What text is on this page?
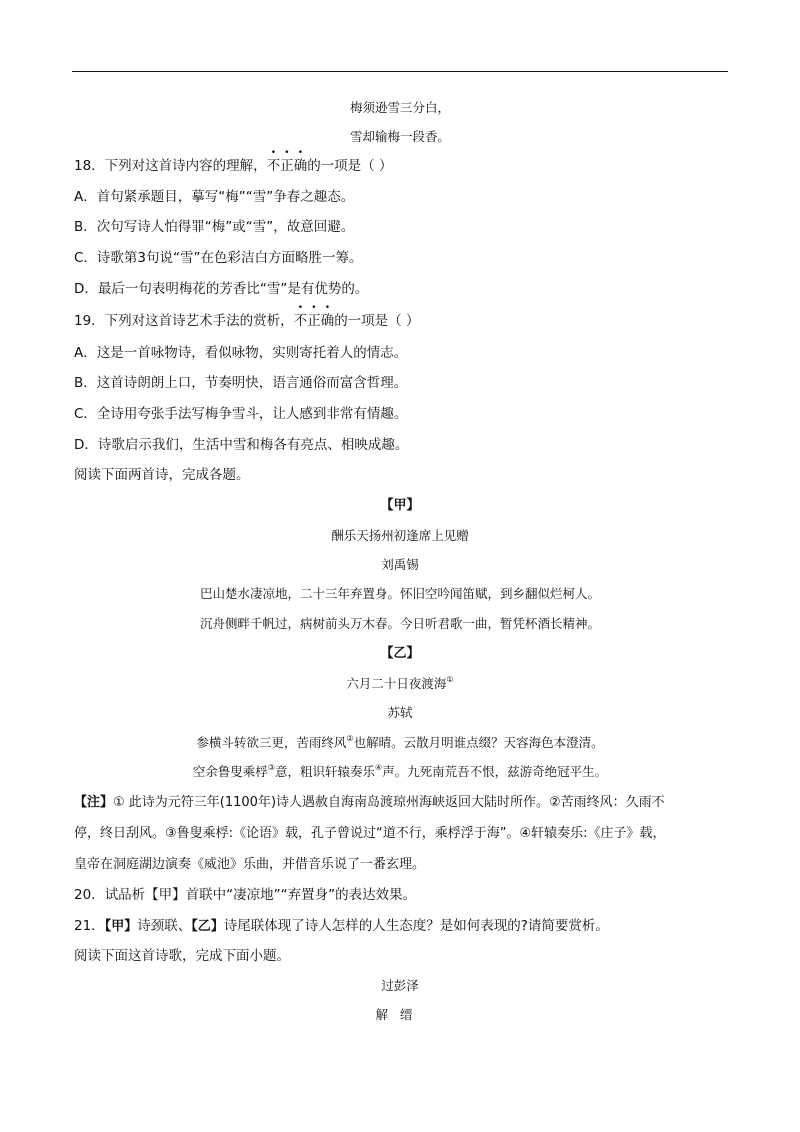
梅须逊雪三分白，
雪却输梅一段香。
18．下列对这首诗内容的理解，不正确的一项是（ ）
A．首句紧承题目，摹写“梅”“雪”争春之趣态。
B．次句写诗人怕得罪“梅”或“雪”，故意回避。
C．诗歌第3句说“雪”在色彩洁白方面略胜一筹。
D．最后一句表明梅花的芳香比“雪”是有优势的。
19．下列对这首诗艺术手法的赏析，不正确的一项是（ ）
A．这是一首咏物诗，看似咏物，实则寄托着人的情志。
B．这首诗朗朗上口，节奏明快，语言通俗而富含哲理。
C．全诗用夸张手法写梅争雪斗，让人感到非常有情趣。
D．诗歌启示我们，生活中雪和梅各有亮点、相映成趣。
阅读下面两首诗，完成各题。
【甲】
酬乐天扬州初逢席上见赠
刘禹锡
巴山楚水凄凉地，二十三年弃置身。怀旧空吟闻笛赋，到乡翻似烂柯人。
沉舟侧畔千帆过，病树前头万木春。今日听君歌一曲，暂凭杯酒长精神。
【乙】
六月二十日夜渡海①
苏轼
参横斗转欲三更，苦雨终风②也解晴。云散月明谁点缀？天容海色本澄清。
空余鲁叟乘桴③意，粗识轩辕奏乐④声。九死南荒吾不恨，兹游奇绝冠平生。
【注】① 此诗为元符三年(1100年)诗人遇赦自海南岛渡琼州海峡返回大陆时所作。②苦雨终风：久雨不
停，终日刮风。③鲁叟乘桴:《论语》载，孔子曾说过“道不行，乘桴浮于海”。④轩辕奏乐:《庄子》载，
皇帝在洞庭湖边演奏《威池》乐曲，并借音乐说了一番玄理。
20．试品析【甲】首联中“凄凉地”“弃置身”的表达效果。
21．【甲】诗颈联、【乙】诗尾联体现了诗人怎样的人生态度？是如何表现的?请简要赏析。
阅读下面这首诗歌，完成下面小题。
过彭泽
解缙
